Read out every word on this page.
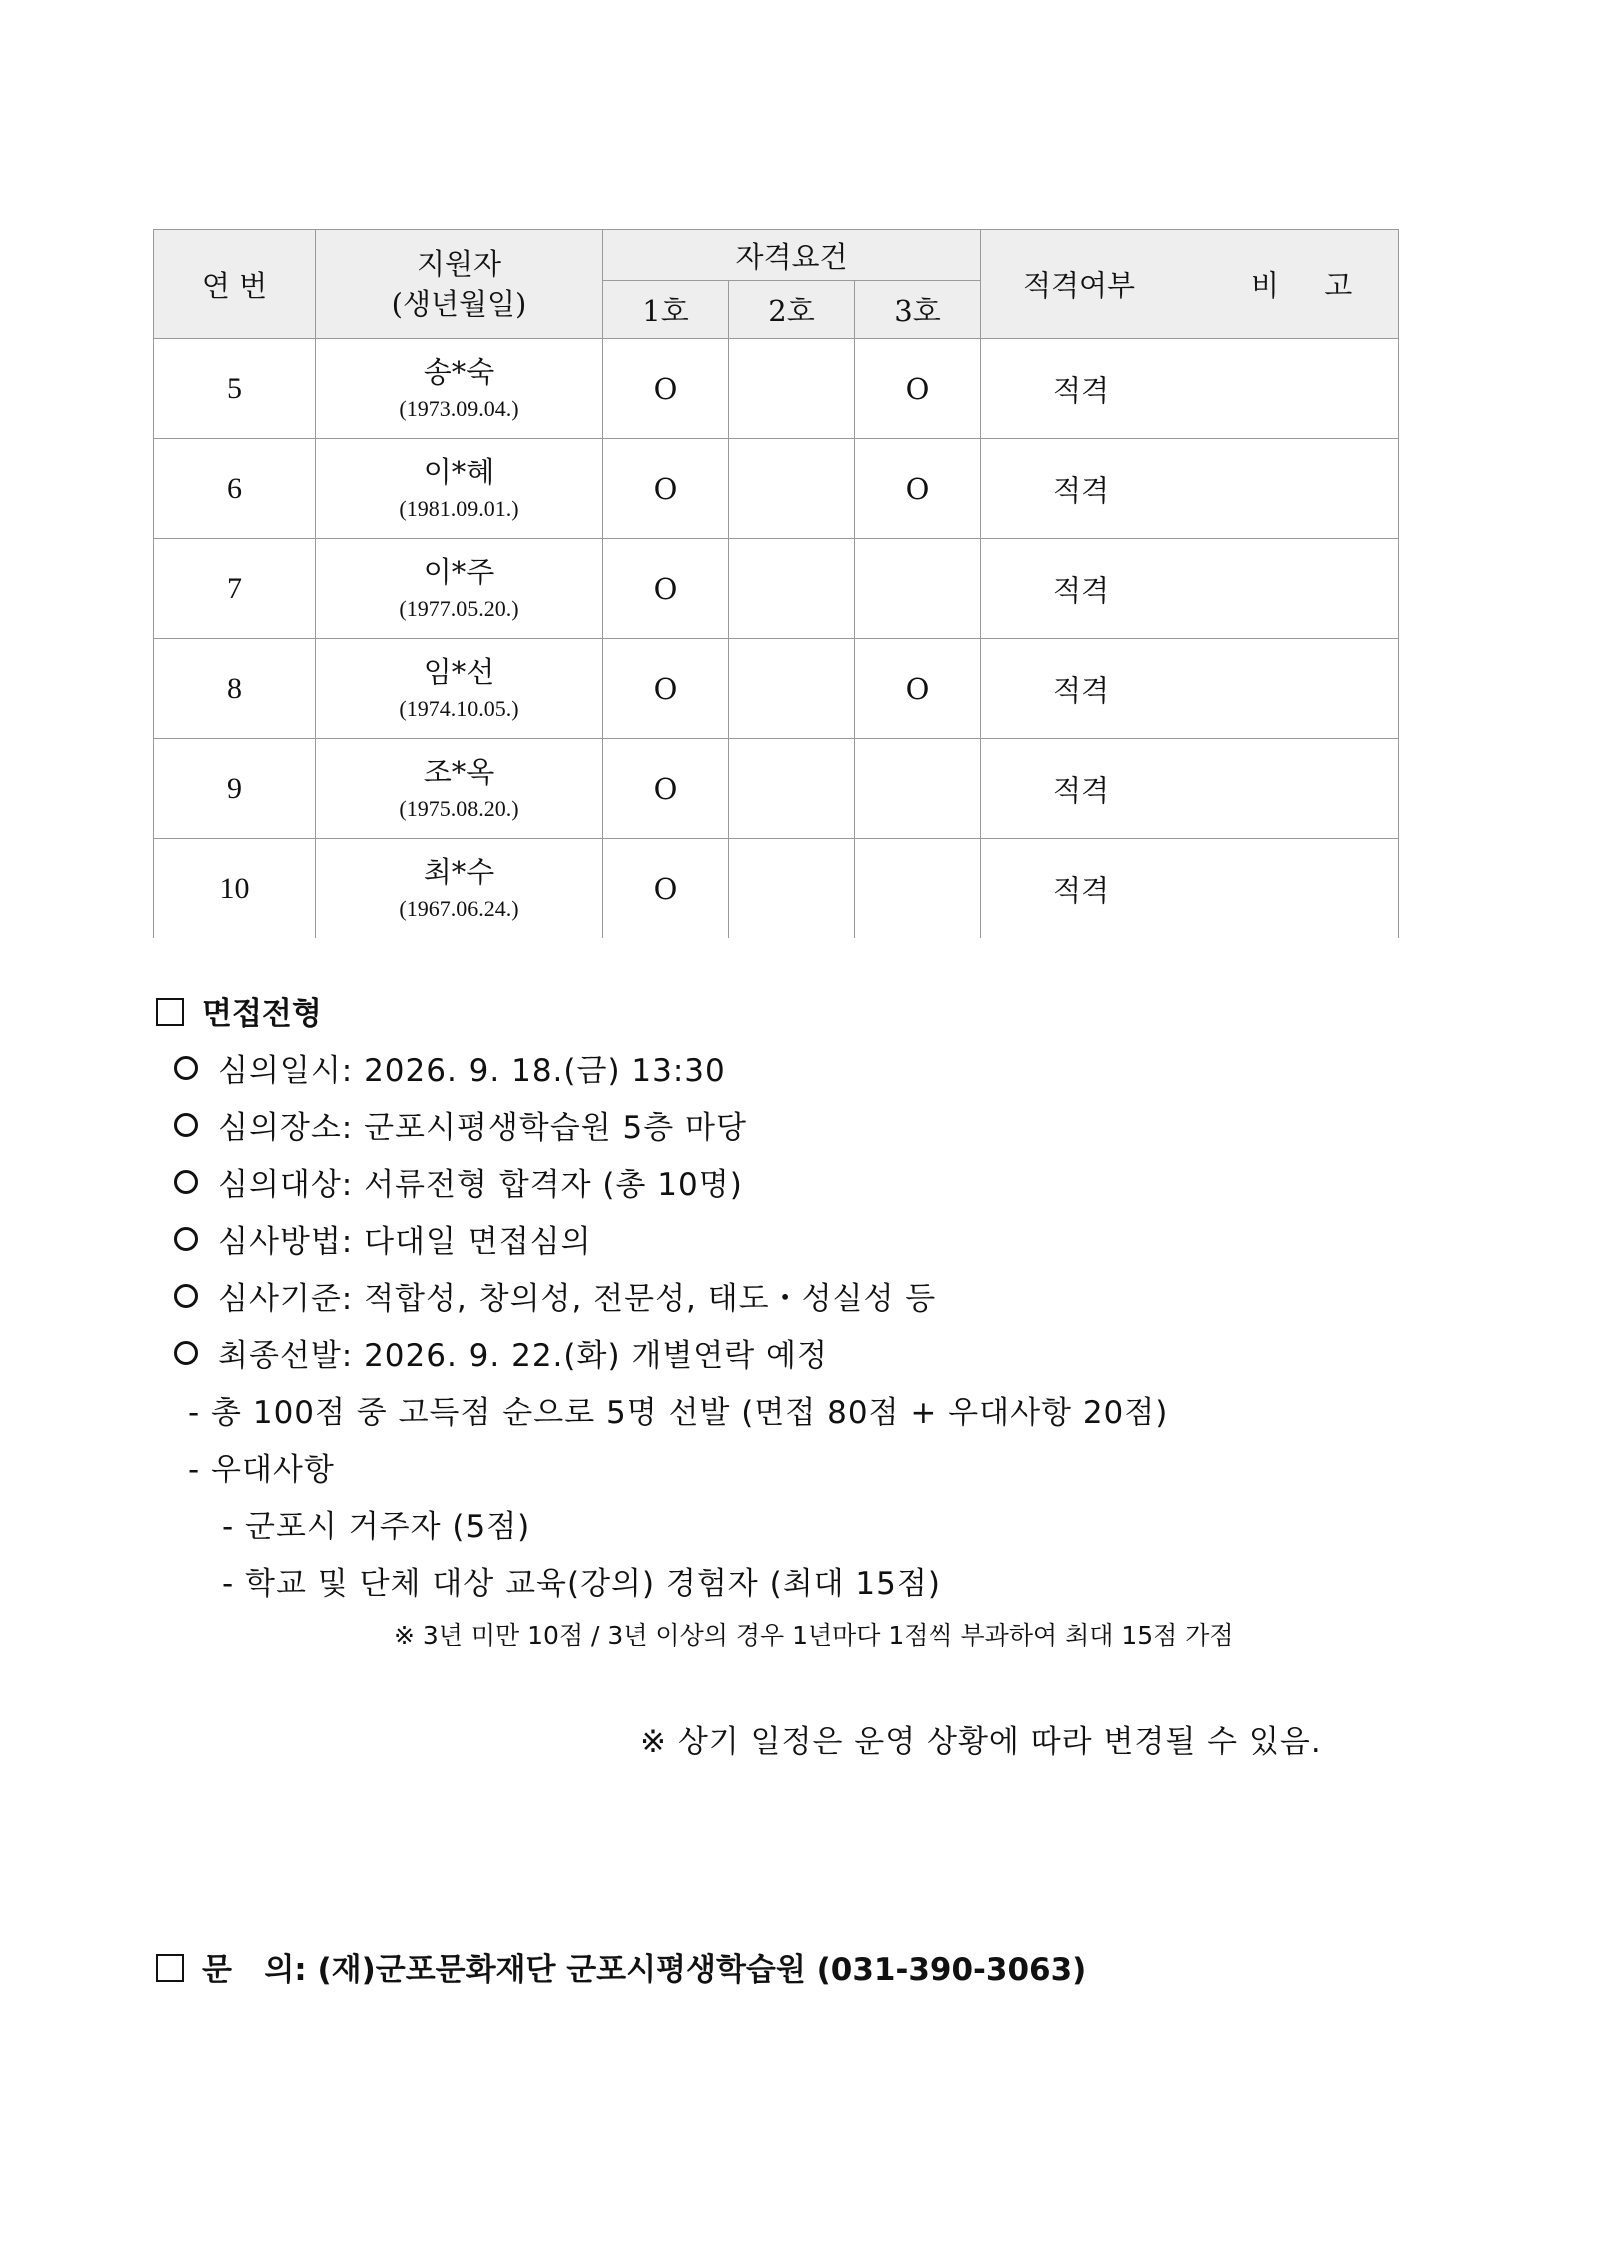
연 번	지원자
(생년월일)	자격요건			적격여부 비 고

		1호	2호	3호	
5	송*숙
(1973.09.04.)	O		O	적격

6	이*혜
(1981.09.01.)	O		O	적격

7	이*주
(1977.05.20.)	O			적격

8	임*선
(1974.10.05.)	O		O	적격

9	조*옥
(1975.08.20.)	O			적격

10	최*수
(1967.06.24.)	O			적격
면접전형
심의일시: 2026. 9. 18.(금) 13:30
심의장소: 군포시평생학습원 5층 마당
심의대상: 서류전형 합격자 (총 10명)
심사방법: 다대일 면접심의
심사기준: 적합성, 창의성, 전문성, 태도・성실성 등
최종선발: 2026. 9. 22.(화) 개별연락 예정
- 총 100점 중 고득점 순으로 5명 선발 (면접 80점 + 우대사항 20점)
- 우대사항
- 군포시 거주자 (5점)
- 학교 및 단체 대상 교육(강의) 경험자 (최대 15점)
※ 3년 미만 10점 / 3년 이상의 경우 1년마다 1점씩 부과하여 최대 15점 가점
※ 상기 일정은 운영 상황에 따라 변경될 수 있음.
문   의: (재)군포문화재단 군포시평생학습원 (031-390-3063)
